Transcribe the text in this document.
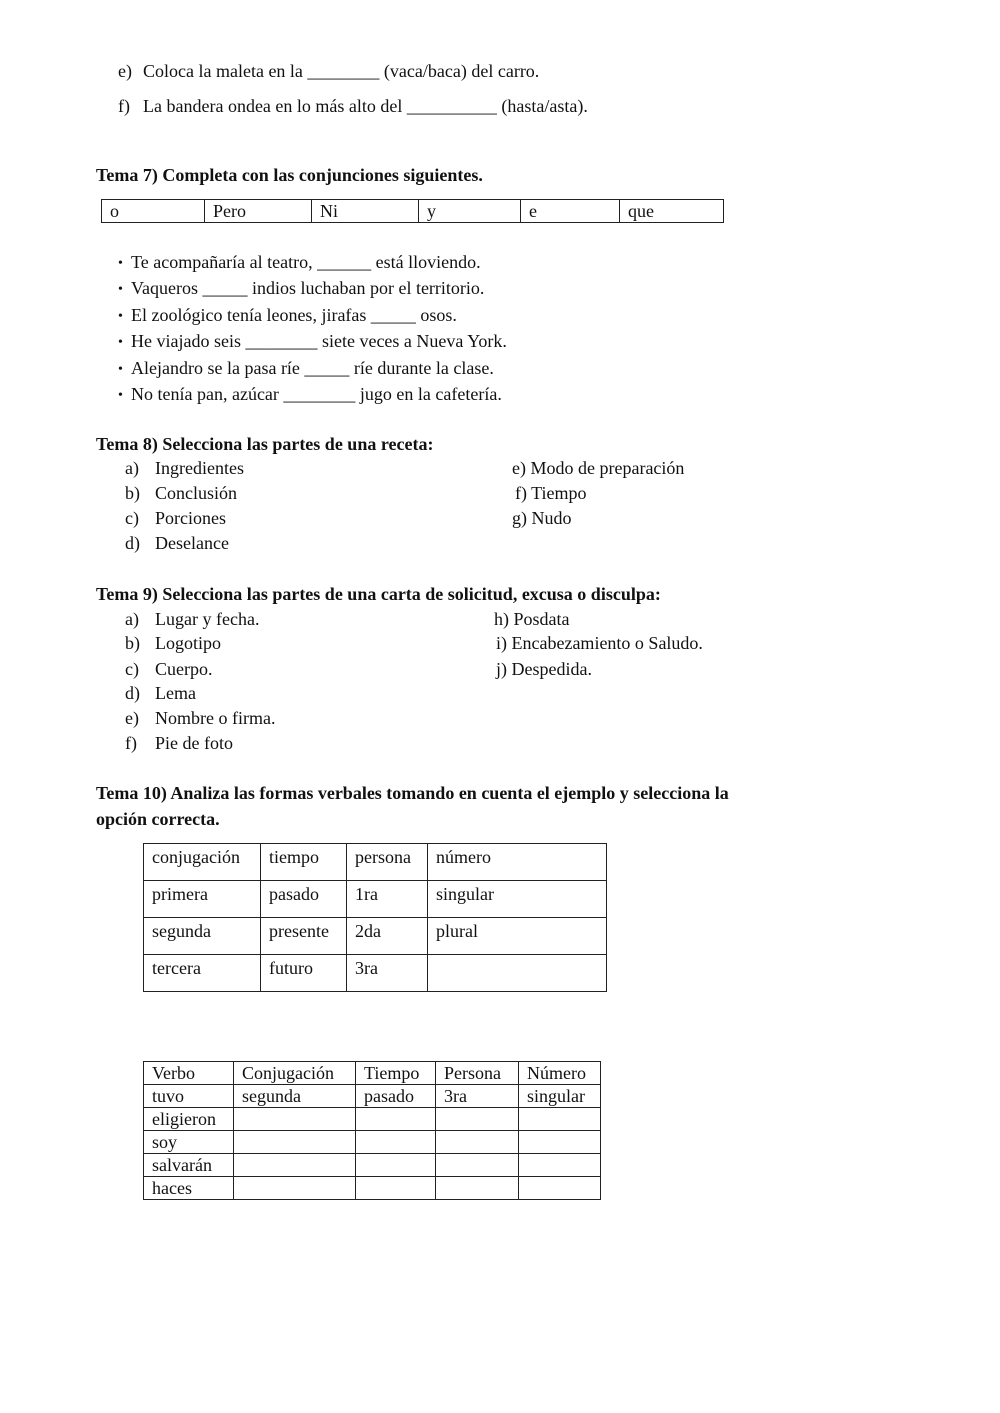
e) Coloca la maleta en la ________ (vaca/baca) del carro.
f) La bandera ondea en lo más alto del __________ (hasta/asta).
Tema 7) Completa con las conjunciones siguientes.
o	Pero	Ni	y	e	que
• Te acompañaría al teatro, ______ está lloviendo.
• Vaqueros _____ indios luchaban por el territorio.
• El zoológico tenía leones, jirafas _____ osos.
• He viajado seis ________ siete veces a Nueva York.
• Alejandro se la pasa ríe _____ ríe durante la clase.
• No tenía pan, azúcar ________ jugo en la cafetería.
Tema 8) Selecciona las partes de una receta:
a) Ingredientes
b) Conclusión
c) Porciones
d) Deselance
e) Modo de preparación
f) Tiempo
g) Nudo
Tema 9) Selecciona las partes de una carta de solicitud, excusa o disculpa:
a) Lugar y fecha.
b) Logotipo
c) Cuerpo.
d) Lema
e) Nombre o firma.
f) Pie de foto
h) Posdata
i) Encabezamiento o Saludo.
j) Despedida.
Tema 10) Analiza las formas verbales tomando en cuenta el ejemplo y selecciona la
opción correcta.
conjugación	tiempo	persona	número
primera	pasado	1ra	singular
segunda	presente	2da	plural
tercera	futuro	3ra	
Verbo	Conjugación	Tiempo	Persona	Número
tuvo	segunda	pasado	3ra	singular
eligieron				
soy				
salvarán				
haces				
